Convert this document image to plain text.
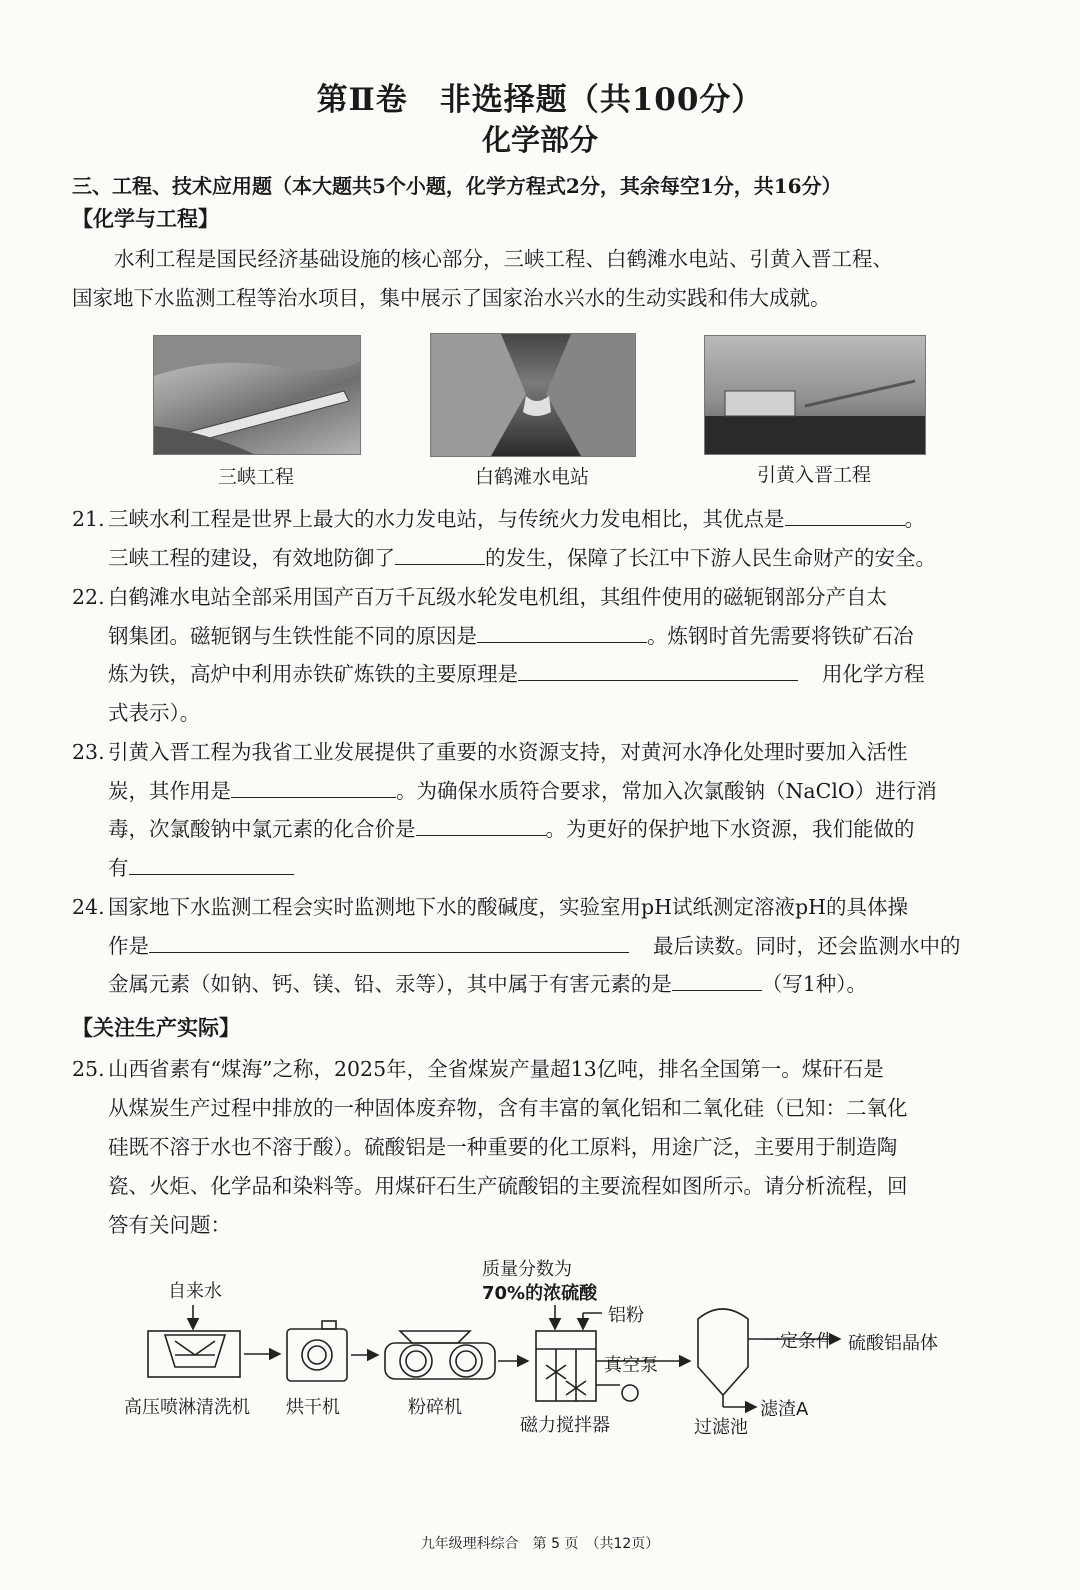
第Ⅱ卷　非选择题（共100分）
化学部分
三、工程、技术应用题（本大题共5个小题，化学方程式2分，其余每空1分，共16分）
【化学与工程】
水利工程是国民经济基础设施的核心部分，三峡工程、白鹤滩水电站、引黄入晋工程、
国家地下水监测工程等治水项目，集中展示了国家治水兴水的生动实践和伟大成就。
三峡工程	白鹤滩水电站	引黄入晋工程
21. 三峡水利工程是世界上最大的水力发电站，与传统火力发电相比，其优点是	。
三峡工程的建设，有效地防御了	的发生，保障了长江中下游人民生命财产的安全。
22. 白鹤滩水电站全部采用国产百万千瓦级水轮发电机组，其组件使用的磁轭钢部分产自太
钢集团。磁轭钢与生铁性能不同的原因是	。炼钢时首先需要将铁矿石冶
炼为铁，高炉中利用赤铁矿炼铁的主要原理是	用化学方程
式表示）。
23. 引黄入晋工程为我省工业发展提供了重要的水资源支持，对黄河水净化处理时要加入活性
炭，其作用是	。为确保水质符合要求，常加入次氯酸钠（NaClO）进行消
毒，次氯酸钠中氯元素的化合价是	。为更好的保护地下水资源，我们能做的
有
24. 国家地下水监测工程会实时监测地下水的酸碱度，实验室用pH试纸测定溶液pH的具体操
作是	最后读数。同时，还会监测水中的
金属元素（如钠、钙、镁、铅、汞等），其中属于有害元素的是	（写1种）。
【关注生产实际】
25. 山西省素有“煤海”之称，2025年，全省煤炭产量超13亿吨，排名全国第一。煤矸石是
从煤炭生产过程中排放的一种固体废弃物，含有丰富的氧化铝和二氧化硅（已知：二氧化
硅既不溶于水也不溶于酸）。硫酸铝是一种重要的化工原料，用途广泛，主要用于制造陶
瓷、火炬、化学品和染料等。用煤矸石生产硫酸铝的主要流程如图所示。请分析流程，回
答有关问题：
自来水
质量分数为
70%的浓硫酸
铝粉
高压喷淋清洗机 烘干机	粉碎机
真空泵
磁力搅拌器	过滤池
一定条件 硫酸铝晶体
滤渣A
九年级理科综合　第 5 页　（共12页）
